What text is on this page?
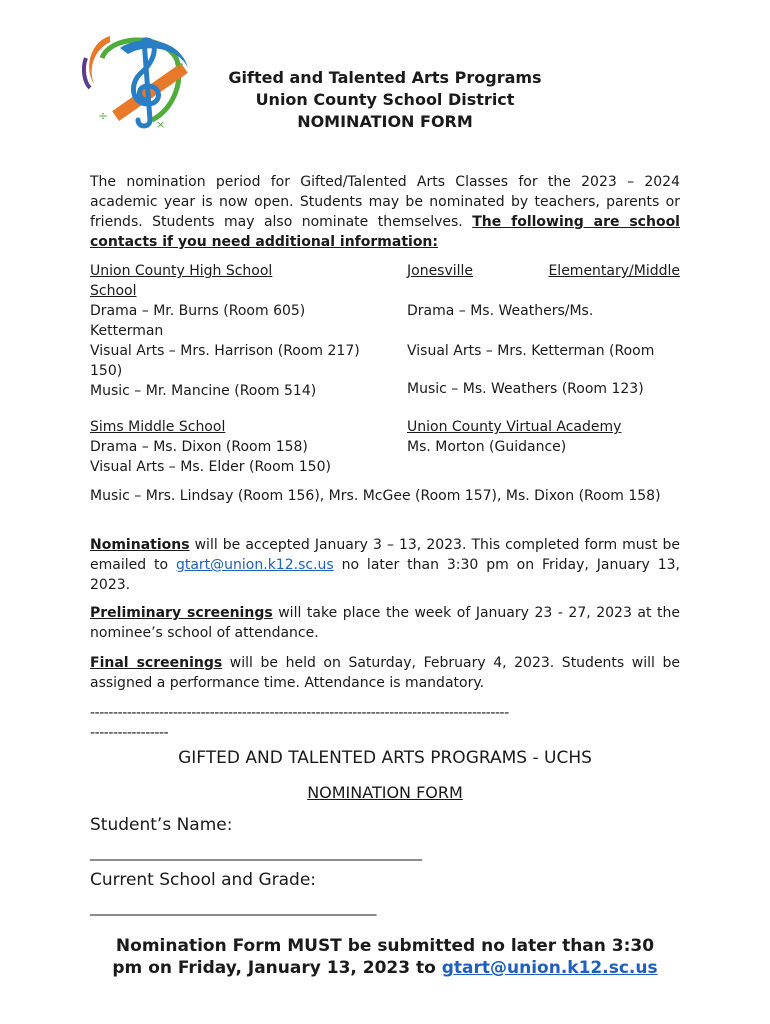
+
÷
×
Gifted and Talented Arts Programs
Union County School District
NOMINATION FORM
The nomination period for Gifted/Talented Arts Classes for the 2023 – 2024 academic year is now open. Students may be nominated by teachers, parents or friends. Students may also nominate themselves. The following are school contacts if you need additional information:
Union County High School
School
Drama – Mr. Burns (Room 605)
Ketterman
Visual Arts – Mrs. Harrison (Room 217)
150)
Music – Mr. Mancine (Room 514)
Jonesville	Elementary/Middle
Drama – Ms. Weathers/Ms.
Visual Arts – Mrs. Ketterman (Room
Music – Ms. Weathers (Room 123)
Sims Middle School
Drama – Ms. Dixon (Room 158)
Visual Arts – Ms. Elder (Room 150)
Union County Virtual Academy
Ms. Morton (Guidance)
Music – Mrs. Lindsay (Room 156), Mrs. McGee (Room 157), Ms. Dixon (Room 158)
Nominations will be accepted January 3 – 13, 2023. This completed form must be emailed to gtart@union.k12.sc.us no later than 3:30 pm on Friday, January 13, 2023.
Preliminary screenings will take place the week of January 23 - 27, 2023 at the nominee’s school of attendance.
Final screenings will be held on Saturday, February 4, 2023. Students will be assigned a performance time. Attendance is mandatory.
-------------------------------------------------------------------------------------------
-----------------
GIFTED AND TALENTED ARTS PROGRAMS - UCHS
NOMINATION FORM
Student’s Name:
___________________________________________________
Current School and Grade:
____________________________________________
Nomination Form MUST be submitted no later than 3:30
pm on Friday, January 13, 2023 to gtart@union.k12.sc.us
